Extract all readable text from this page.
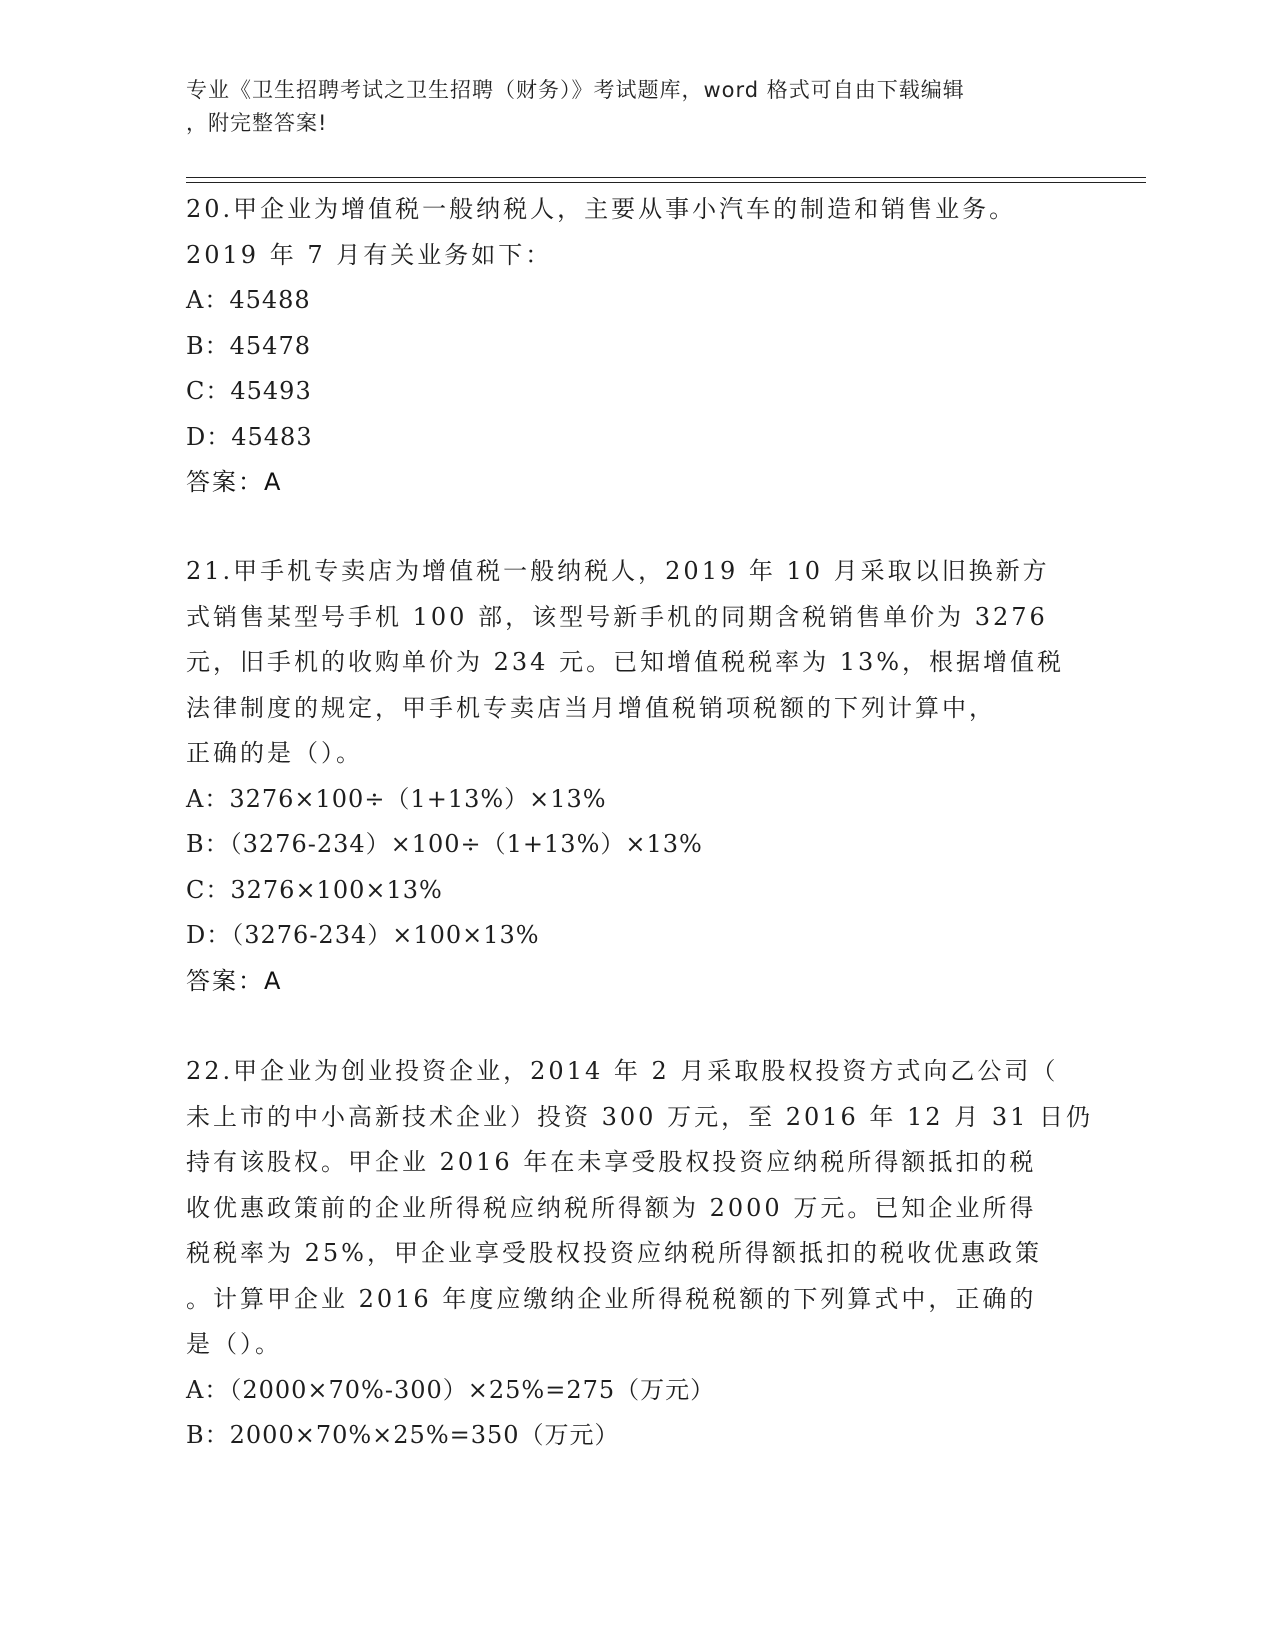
专业《卫生招聘考试之卫生招聘（财务）》考试题库，word 格式可自由下载编辑
，附完整答案!
20.甲企业为增值税一般纳税人，主要从事小汽车的制造和销售业务。
2019 年 7 月有关业务如下：
A：45488
B：45478
C：45493
D：45483
答案：A
21.甲手机专卖店为增值税一般纳税人，2019 年 10 月采取以旧换新方
式销售某型号手机 100 部，该型号新手机的同期含税销售单价为 3276
元，旧手机的收购单价为 234 元。已知增值税税率为 13%，根据增值税
法律制度的规定，甲手机专卖店当月增值税销项税额的下列计算中，
正确的是（）。
A：3276×100÷（1+13%）×13%
B：（3276-234）×100÷（1+13%）×13%
C：3276×100×13%
D：（3276-234）×100×13%
答案：A
22.甲企业为创业投资企业，2014 年 2 月采取股权投资方式向乙公司（
未上市的中小高新技术企业）投资 300 万元，至 2016 年 12 月 31 日仍
持有该股权。甲企业 2016 年在未享受股权投资应纳税所得额抵扣的税
收优惠政策前的企业所得税应纳税所得额为 2000 万元。已知企业所得
税税率为 25%，甲企业享受股权投资应纳税所得额抵扣的税收优惠政策
。计算甲企业 2016 年度应缴纳企业所得税税额的下列算式中，正确的
是（）。
A：（2000×70%-300）×25%=275（万元）
B：2000×70%×25%=350（万元）
